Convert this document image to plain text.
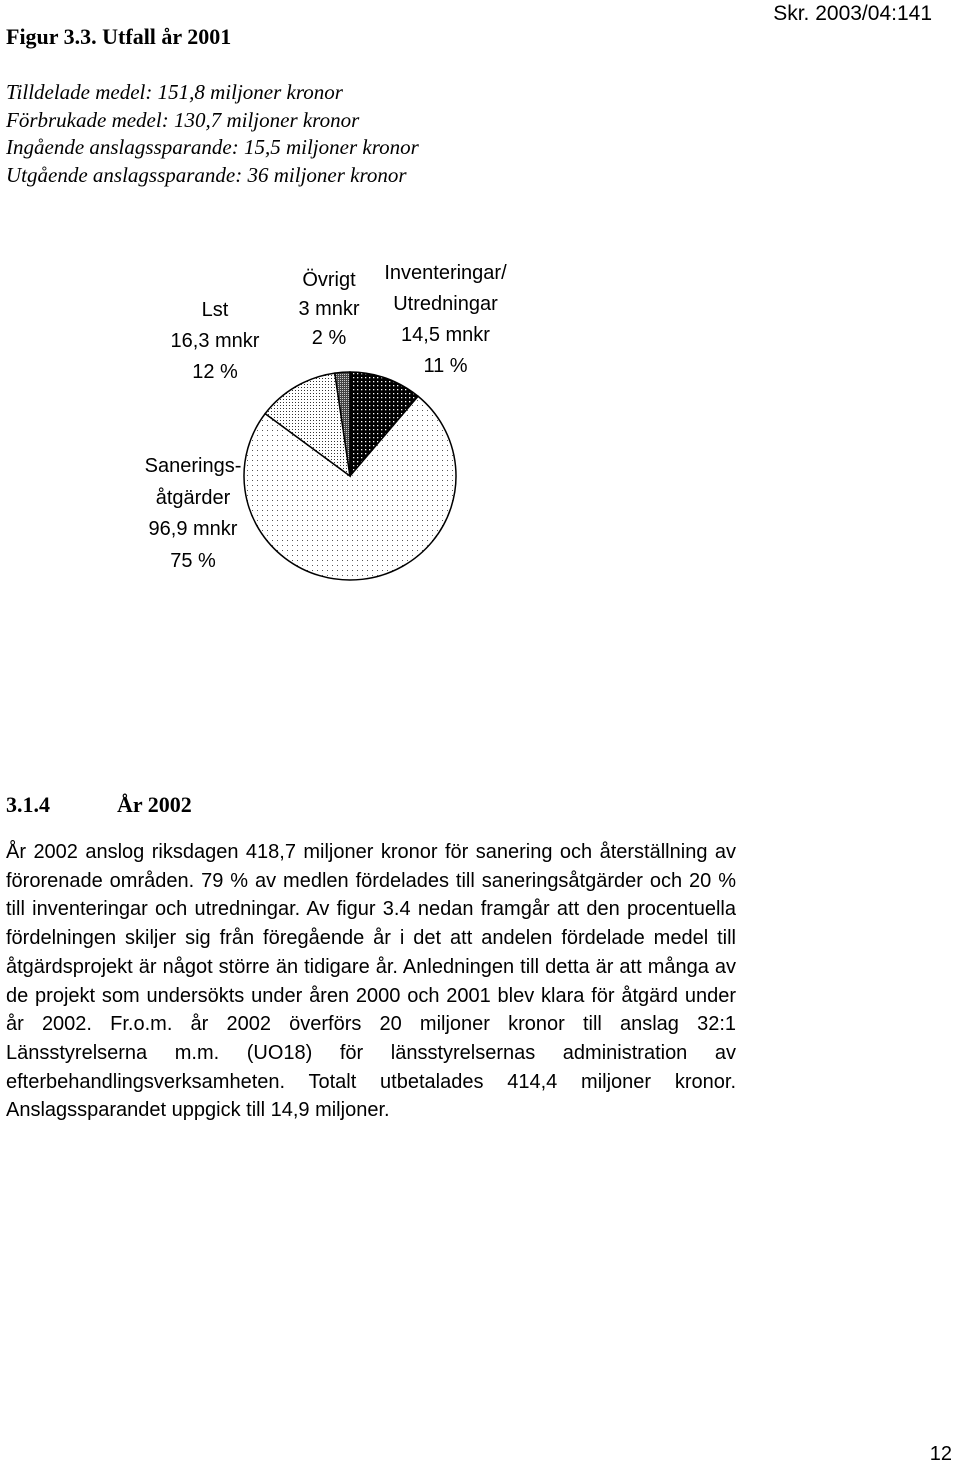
Figur 3.3. Utfall år 2001
Skr. 2003/04:141
Tilldelade medel: 151,8 miljoner kronor
Förbrukade medel: 130,7 miljoner kronor
Ingående anslagssparande: 15,5 miljoner kronor
Utgående anslagssparande: 36 miljoner kronor
Lst
16,3 mnkr
12 %
Övrigt
3 mnkr
2 %
Inventeringar/
Utredningar
14,5 mnkr
11 %
Sanerings-
åtgärder
96,9 mnkr
75 %
3.1.4	År 2002
År 2002 anslog riksdagen 418,7 miljoner kronor för sanering och återställning av förorenade områden. 79 % av medlen fördelades till saneringsåtgärder och 20 % till inventeringar och utredningar. Av figur 3.4 nedan framgår att den procentuella fördelningen skiljer sig från föregående år i det att andelen fördelade medel till åtgärdsprojekt är något större än tidigare år. Anledningen till detta är att många av de projekt som undersökts under åren 2000 och 2001 blev klara för åtgärd under år 2002. Fr.o.m. år 2002 överförs 20 miljoner kronor till anslag 32:1 Länsstyrelserna m.m. (UO18) för länsstyrelsernas administration av efterbehandlingsverksamheten. Totalt utbetalades 414,4 miljoner kronor. Anslagssparandet uppgick till 14,9 miljoner.
12
